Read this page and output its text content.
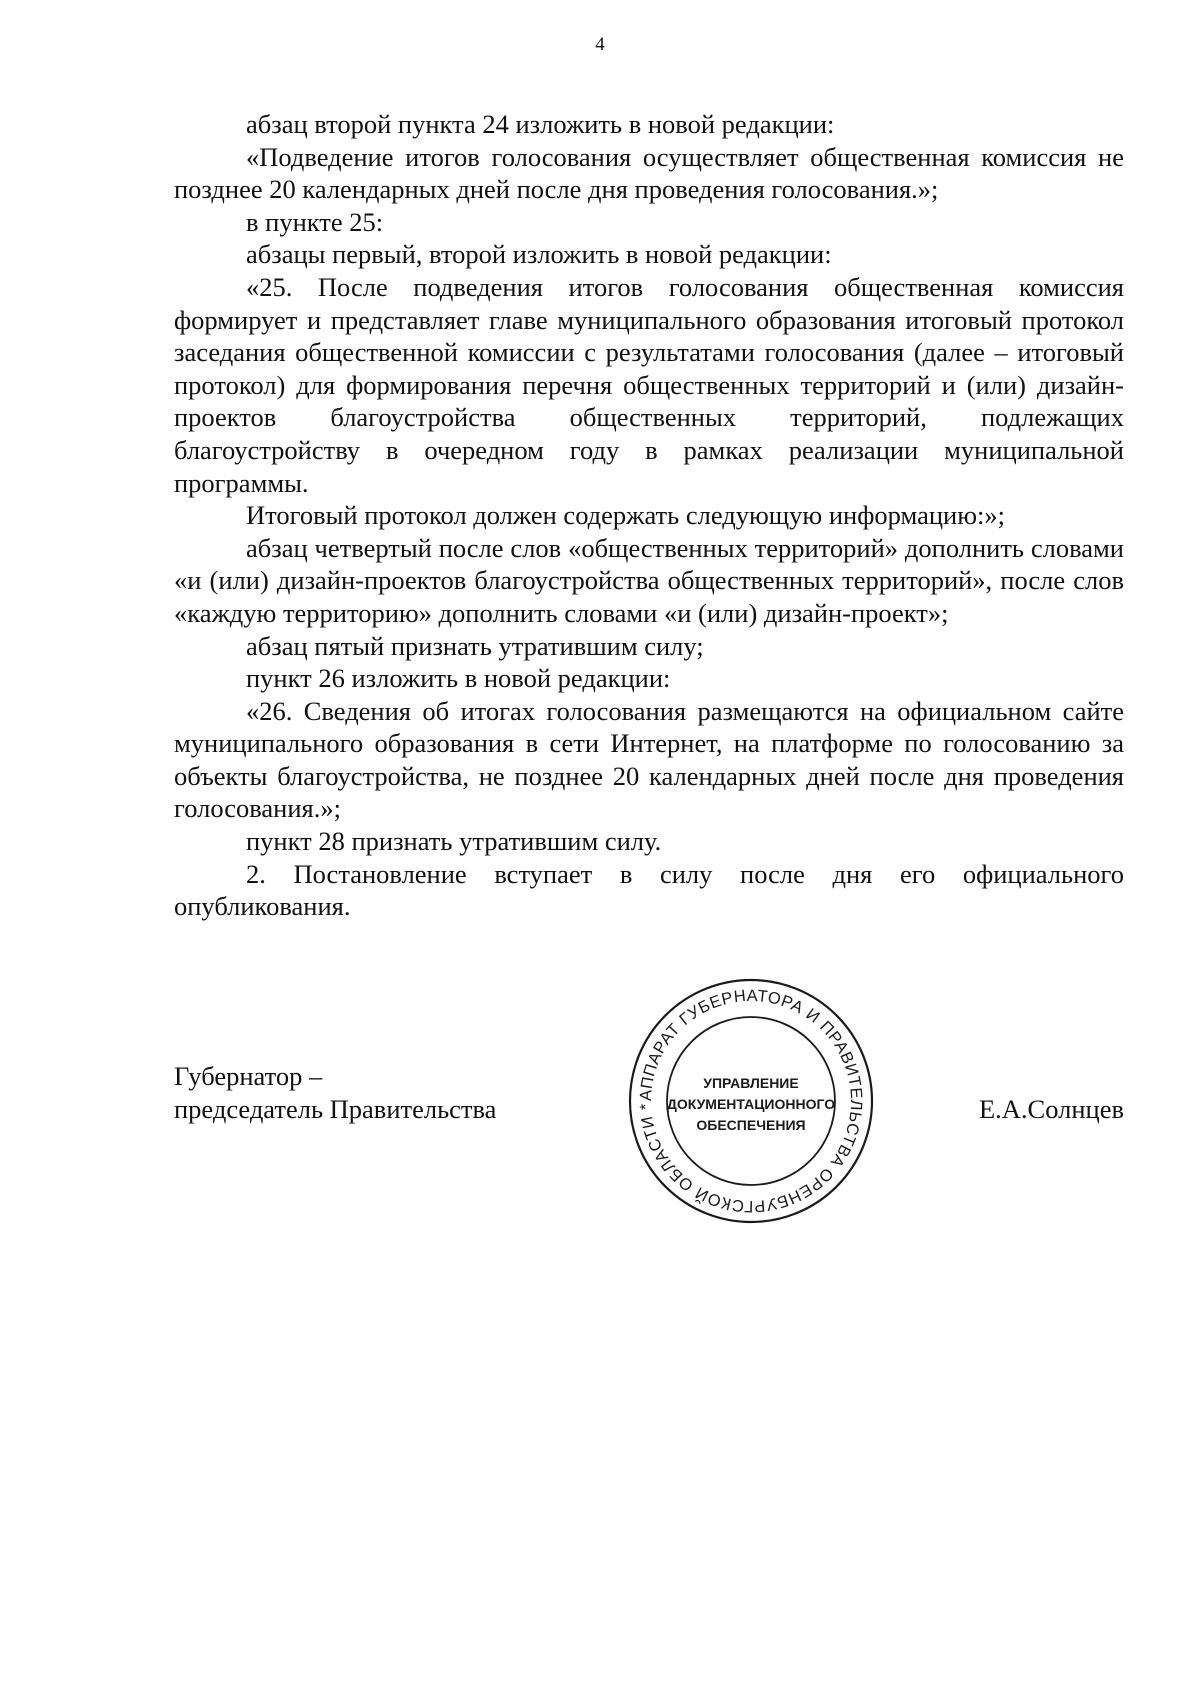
4

абзац второй пункта 24 изложить в новой редакции:

«Подведение итогов голосования осуществляет общественная комиссия не позднее 20 календарных дней после дня проведения голосования.»;

в пункте 25:

абзацы первый, второй изложить в новой редакции:

«25. После подведения итогов голосования общественная комиссия формирует и представляет главе муниципального образования итоговый протокол заседания общественной комиссии с результатами голосования (далее – итоговый протокол) для формирования перечня общественных территорий и (или) дизайн-проектов благоустройства общественных территорий, подлежащих благоустройству в очередном году в рамках реализации муниципальной программы.

Итоговый протокол должен содержать следующую информацию:»;

абзац четвертый после слов «общественных территорий» дополнить словами «и (или) дизайн-проектов благоустройства общественных территорий», после слов «каждую территорию» дополнить словами «и (или) дизайн-проект»;

абзац пятый признать утратившим силу;

пункт 26 изложить в новой редакции:

«26. Сведения об итогах голосования размещаются на официальном сайте муниципального образования в сети Интернет, на платформе по голосованию за объекты благоустройства, не позднее 20 календарных дней после дня проведения голосования.»;

пункт 28 признать утратившим силу.

2. Постановление вступает в силу после дня его официального опубликования.

Губернатор –
председатель Правительства	Е.А.Солнцев
АППАРАТ ГУБЕРНАТОРА И ПРАВИТЕЛЬСТВА ОРЕНБУРГСКОЙ ОБЛАСТИ *
УПРАВЛЕНИЕ
ДОКУМЕНТАЦИОННОГО
ОБЕСПЕЧЕНИЯ
